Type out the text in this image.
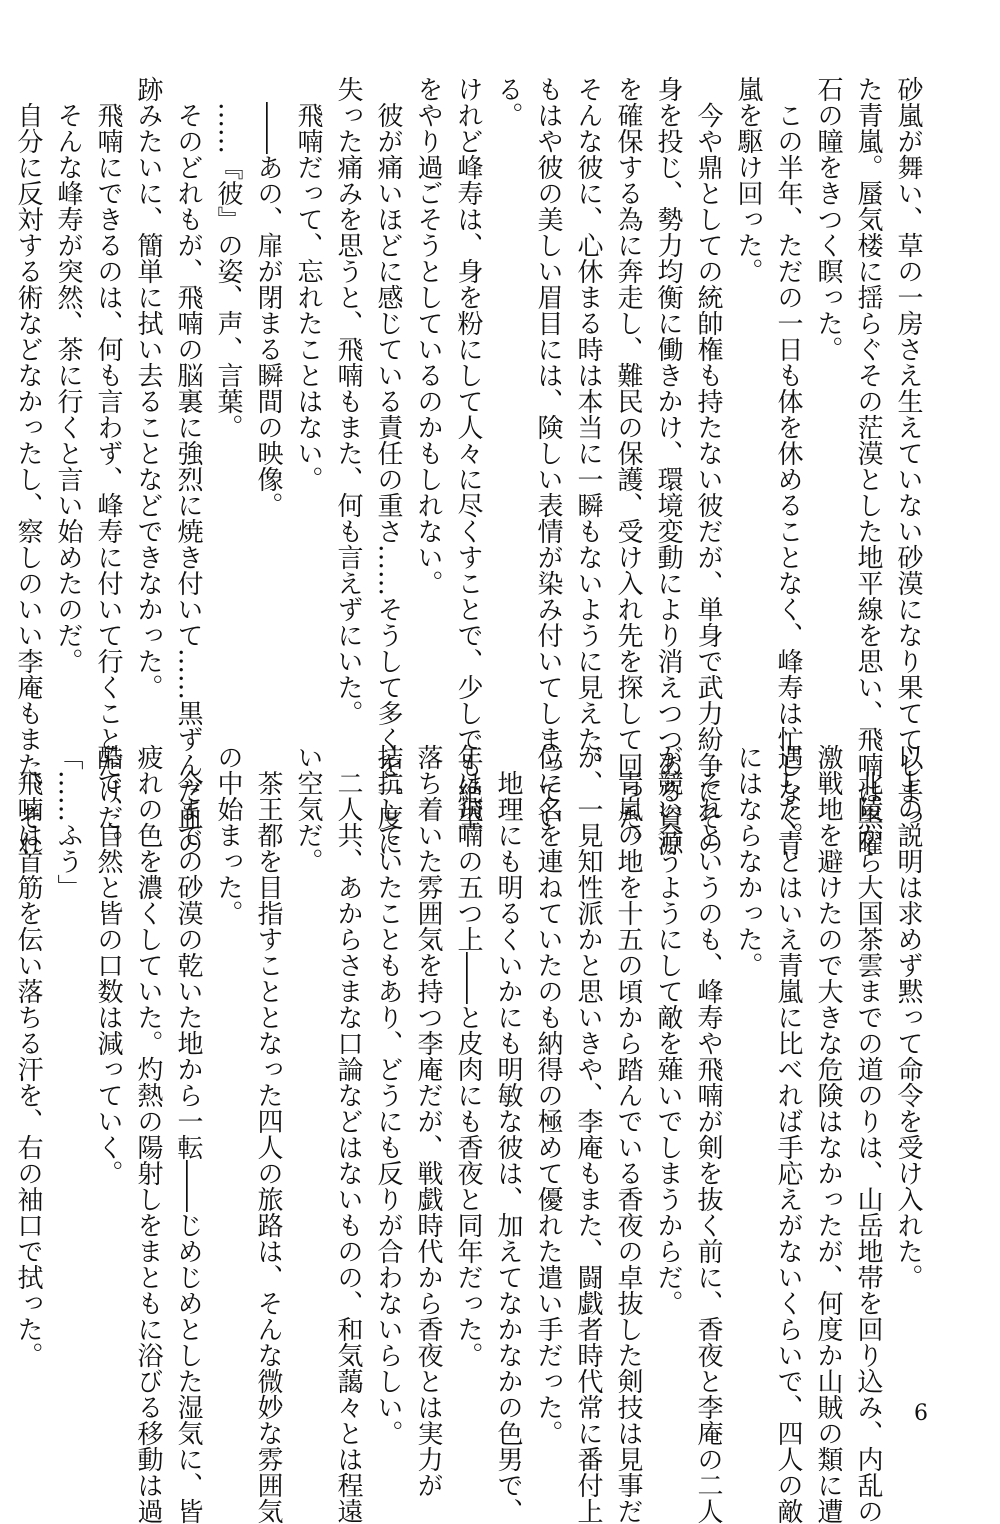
砂嵐が舞い、草の一房さえ生えていない砂漠になり果ててしまっ

た青嵐。蜃気楼に揺らぐその茫漠とした地平線を思い、飛喃は黒曜

石の瞳をきつく瞑った。

　この半年、ただの一日も体を休めることなく、峰寿は忙しなく青

嵐を駆け回った。

　今や鼎としての統帥権も持たない彼だが、単身で武力紛争にその

身を投じ、勢力均衡に働きかけ、環境変動により消えつつある資源

を確保する為に奔走し、難民の保護、受け入れ先を探して回った。

そんな彼に、心休まる時は本当に一瞬もないように見えた。

もはや彼の美しい眉目には、険しい表情が染み付いてしまってい

る。

けれど峰寿は、身を粉にして人々に尽くすことで、少しでも絶望

をやり過ごそうとしているのかもしれない。

　彼が痛いほどに感じている責任の重さ……そうして多くを一度に

失った痛みを思うと、飛喃もまた、何も言えずにいた。

　飛喃だって、忘れたことはない。

　――あの、扉が閉まる瞬間の映像。

　……『彼』の姿、声、言葉。

　そのどれもが、飛喃の脳裏に強烈に焼き付いて……黒ずんだ血の

跡みたいに、簡単に拭い去ることなどできなかった。

　飛喃にできるのは、何も言わず、峰寿に付いて行くことだけだ。

　そんな峰寿が突然、茶に行くと言い始めたのだ。

　自分に反対する術などなかったし、察しのいい李庵もまた、それ

以上の説明は求めず黙って命令を受け入れた。

　北陵から大国茶雲までの道のりは、山岳地帯を回り込み、内乱の

激戦地を避けたので大きな危険はなかったが、何度か山賊の類に遭

遇した。とはいえ青嵐に比べれば手応えがないくらいで、四人の敵

にはならなかった。

　それというのも、峰寿や飛喃が剣を抜く前に、香夜と李庵の二人

が競い合うようにして敵を薙いでしまうからだ。

　青嵐の地を十五の頃から踏んでいる香夜の卓抜した剣技は見事だ

が、一見知性派かと思いきや、李庵もまた、闘戯者時代常に番付上

位に名を連ねていたのも納得の極めて優れた遣い手だった。

　地理にも明るくいかにも明敏な彼は、加えてなかなかの色男で、

年は飛喃の五つ上――と皮肉にも香夜と同年だった。

落ち着いた雰囲気を持つ李庵だが、戦戯時代から香夜とは実力が

拮抗していたこともあり、どうにも反りが合わないらしい。

　二人共、あからさまな口論などはないものの、和気藹々とは程遠

い空気だ。

　茶王都を目指すこととなった四人の旅路は、そんな微妙な雰囲気

の中始まった。

　今までの砂漠の乾いた地から一転――じめじめとした湿気に、皆

疲れの色を濃くしていた。灼熱の陽射しをまともに浴びる移動は過

酷で、自然と皆の口数は減っていく。

「……ふう」

　飛喃は首筋を伝い落ちる汗を、右の袖口で拭った。

6
